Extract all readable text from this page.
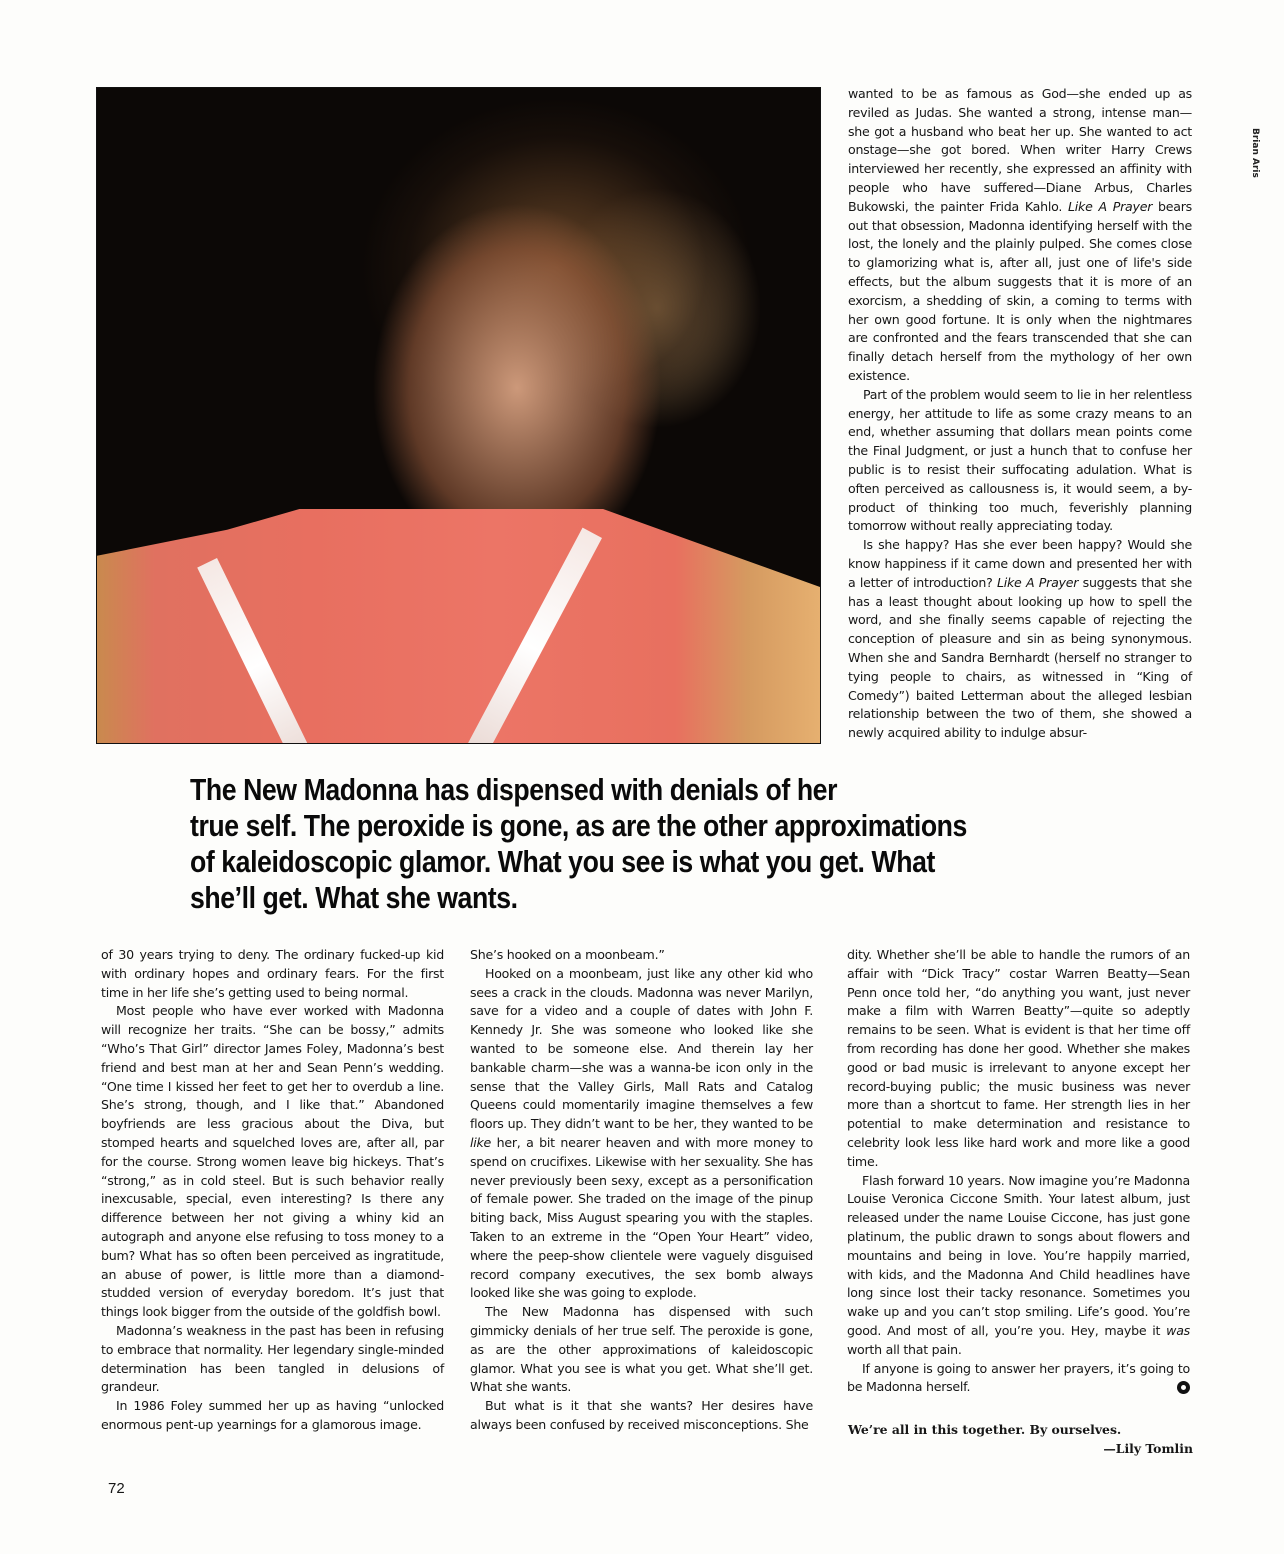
Brian Aris

wanted to be as famous as God—she ended up as reviled as Judas. She wanted a strong, intense man—she got a husband who beat her up. She wanted to act onstage—she got bored. When writer Harry Crews interviewed her recently, she expressed an affinity with people who have suffered—Diane Arbus, Charles Bukowski, the painter Frida Kahlo. Like A Prayer bears out that obsession, Madonna identifying herself with the lost, the lonely and the plainly pulped. She comes close to glamorizing what is, after all, just one of life's side effects, but the album suggests that it is more of an exorcism, a shedding of skin, a coming to terms with her own good fortune. It is only when the nightmares are confronted and the fears transcended that she can finally detach herself from the mythology of her own existence.

Part of the problem would seem to lie in her relentless energy, her attitude to life as some crazy means to an end, whether assuming that dollars mean points come the Final Judgment, or just a hunch that to confuse her public is to resist their suffocating adulation. What is often perceived as callousness is, it would seem, a by-product of thinking too much, feverishly planning tomorrow without really appreciating today.

Is she happy? Has she ever been happy? Would she know happiness if it came down and presented her with a letter of introduction? Like A Prayer suggests that she has a least thought about looking up how to spell the word, and she finally seems capable of rejecting the conception of pleasure and sin as being synonymous. When she and Sandra Bernhardt (herself no stranger to tying people to chairs, as witnessed in “King of Comedy”) baited Letterman about the alleged lesbian relationship between the two of them, she showed a newly acquired ability to indulge absur-

The New Madonna has dispensed with denials of her
true self. The peroxide is gone, as are the other approximations
of kaleidoscopic glamor. What you see is what you get. What
she’ll get. What she wants.

of 30 years trying to deny. The ordinary fucked-up kid with ordinary hopes and ordinary fears. For the first time in her life she’s getting used to being normal.

Most people who have ever worked with Madonna will recognize her traits. “She can be bossy,” admits “Who’s That Girl” director James Foley, Madonna’s best friend and best man at her and Sean Penn’s wedding. “One time I kissed her feet to get her to overdub a line. She’s strong, though, and I like that.” Abandoned boyfriends are less gracious about the Diva, but stomped hearts and squelched loves are, after all, par for the course. Strong women leave big hickeys. That’s “strong,” as in cold steel. But is such behavior really inexcusable, special, even interesting? Is there any difference between her not giving a whiny kid an autograph and anyone else refusing to toss money to a bum? What has so often been perceived as ingratitude, an abuse of power, is little more than a diamond-studded version of everyday boredom. It’s just that things look bigger from the outside of the goldfish bowl.

Madonna’s weakness in the past has been in refusing to embrace that normality. Her legendary single-minded determination has been tangled in delusions of grandeur.

In 1986 Foley summed her up as having “unlocked enormous pent-up yearnings for a glamorous image.

She’s hooked on a moonbeam.”

Hooked on a moonbeam, just like any other kid who sees a crack in the clouds. Madonna was never Marilyn, save for a video and a couple of dates with John F. Kennedy Jr. She was someone who looked like she wanted to be someone else. And therein lay her bankable charm—she was a wanna-be icon only in the sense that the Valley Girls, Mall Rats and Catalog Queens could momentarily imagine themselves a few floors up. They didn’t want to be her, they wanted to be like her, a bit nearer heaven and with more money to spend on crucifixes. Likewise with her sexuality. She has never previously been sexy, except as a personification of female power. She traded on the image of the pinup biting back, Miss August spearing you with the staples. Taken to an extreme in the “Open Your Heart” video, where the peep-show clientele were vaguely disguised record company executives, the sex bomb always looked like she was going to explode.

The New Madonna has dispensed with such gimmicky denials of her true self. The peroxide is gone, as are the other approximations of kaleidoscopic glamor. What you see is what you get. What she’ll get. What she wants.

But what is it that she wants? Her desires have always been confused by received misconceptions. She

dity. Whether she’ll be able to handle the rumors of an affair with “Dick Tracy” costar Warren Beatty—Sean Penn once told her, “do anything you want, just never make a film with Warren Beatty”—quite so adeptly remains to be seen. What is evident is that her time off from recording has done her good. Whether she makes good or bad music is irrelevant to anyone except her record-buying public; the music business was never more than a shortcut to fame. Her strength lies in her potential to make determination and resistance to celebrity look less like hard work and more like a good time.

Flash forward 10 years. Now imagine you’re Madonna Louise Veronica Ciccone Smith. Your latest album, just released under the name Louise Ciccone, has just gone platinum, the public drawn to songs about flowers and mountains and being in love. You’re happily married, with kids, and the Madonna And Child headlines have long since lost their tacky resonance. Sometimes you wake up and you can’t stop smiling. Life’s good. You’re good. And most of all, you’re you. Hey, maybe it was worth all that pain.

If anyone is going to answer her prayers, it’s going to be Madonna herself.

We’re all in this together. By ourselves.
—Lily Tomlin
72
